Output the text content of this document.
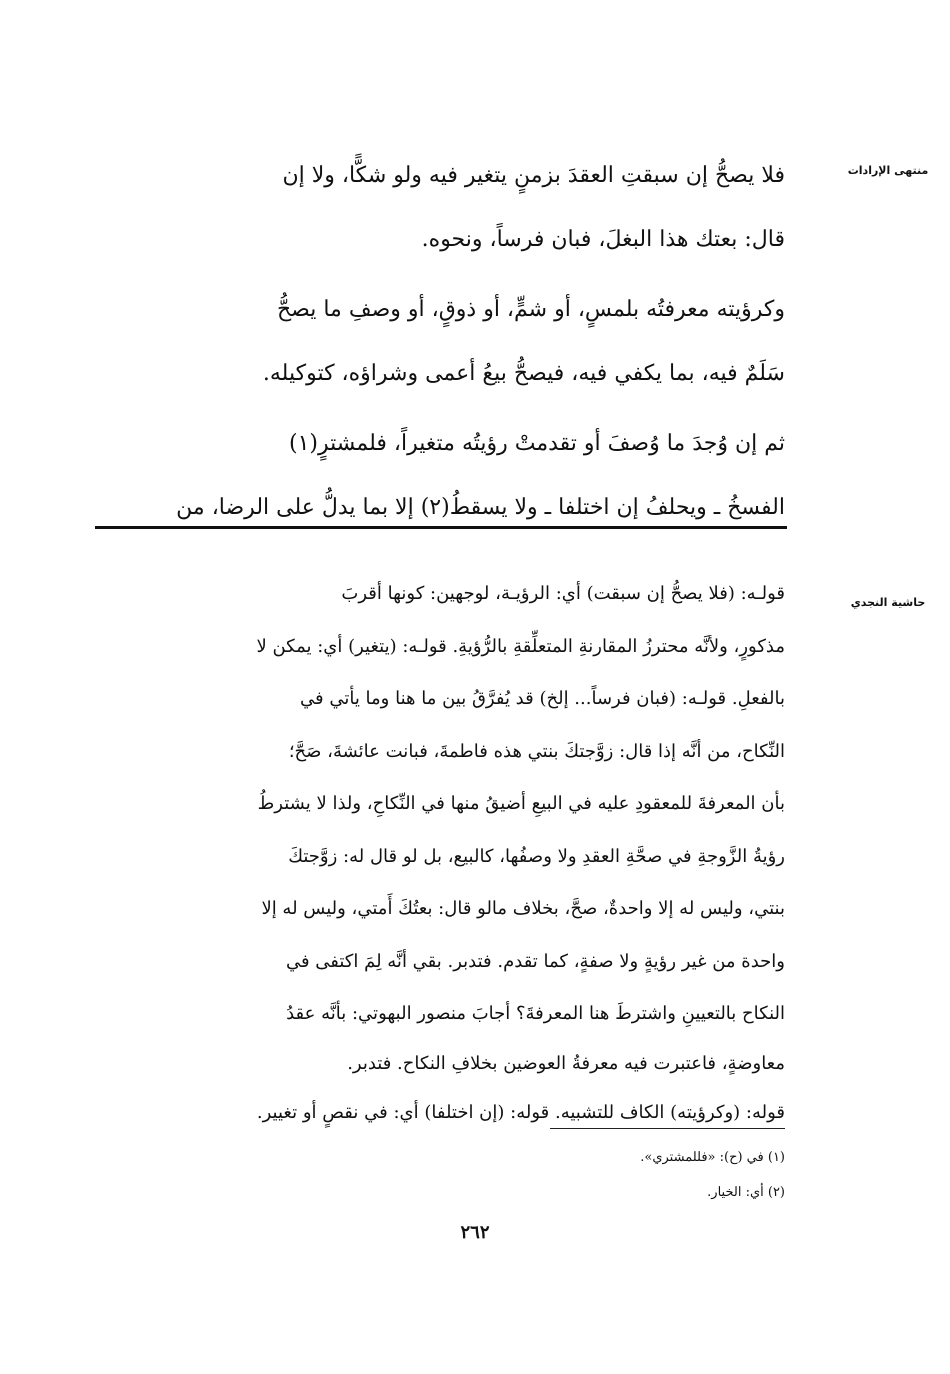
منتهى الإرادات
حاشية النجدي

فلا يصحُّ إن سبقتِ العقدَ بزمنٍ يتغير فيه ولو شكًّا، ولا إن

قال: بعتك هذا البغلَ، فبان فرساً، ونحوه.

وكرؤيته معرفتُه بلمسٍ، أو شمٍّ، أو ذوقٍ، أو وصفِ ما يصحُّ

سَلَمٌ فيه، بما يكفي فيه، فيصحُّ بيعُ أعمى وشراؤه، كتوكيله.

ثم إن وُجدَ ما وُصفَ أو تقدمتْ رؤيتُه متغيراً، فلمشترٍ(١)

الفسخُ ـ ويحلفُ إن اختلفا ـ ولا يسقطُ(٢) إلا بما يدلُّ على الرضا، من

قولـه: (فلا يصحُّ إن سبقت) أي: الرؤيـة، لوجهين: كونها أقربَ

مذكورٍ، ولأنَّه محترزُ المقارنةِ المتعلِّقةِ بالرُّؤيةِ. قولـه: (يتغير) أي: يمكن لا

بالفعلِ. قولـه: (فبان فرساً... إلخ) قد يُفرَّقُ بين ما هنا وما يأتي في

النِّكاح، من أنَّه إذا قال: زوَّجتكَ بنتي هذه فاطمةَ، فبانت عائشةَ، صَحَّ؛

بأن المعرفةَ للمعقودِ عليه في البيعِ أضيقُ منها في النِّكاحِ، ولذا لا يشترطُ

رؤيةُ الزَّوجةِ في صحَّةِ العقدِ ولا وصفُها، كالبيع، بل لو قال له: زوَّجتكَ

بنتي، وليس له إلا واحدةٌ، صحَّ، بخلاف مالو قال: بعتُكَ أَمتي، وليس له إلا

واحدة من غير رؤيةٍ ولا صفةٍ، كما تقدم. فتدبر. بقي أنَّه لِمَ اكتفى في

النكاح بالتعيينِ واشترطَ هنا المعرفةَ؟ أجابَ منصور البهوتي: بأنَّه عقدُ

معاوضةٍ، فاعتبرت فيه معرفةُ العوضين بخلافِ النكاح. فتدبر.

قوله: (وكرؤيته) الكاف للتشبيه. قوله: (إن اختلفا) أي: في نقصٍ أو تغيير.

(١) في (ح): «فللمشتري».
(٢) أي: الخيار.
٢٦٢
